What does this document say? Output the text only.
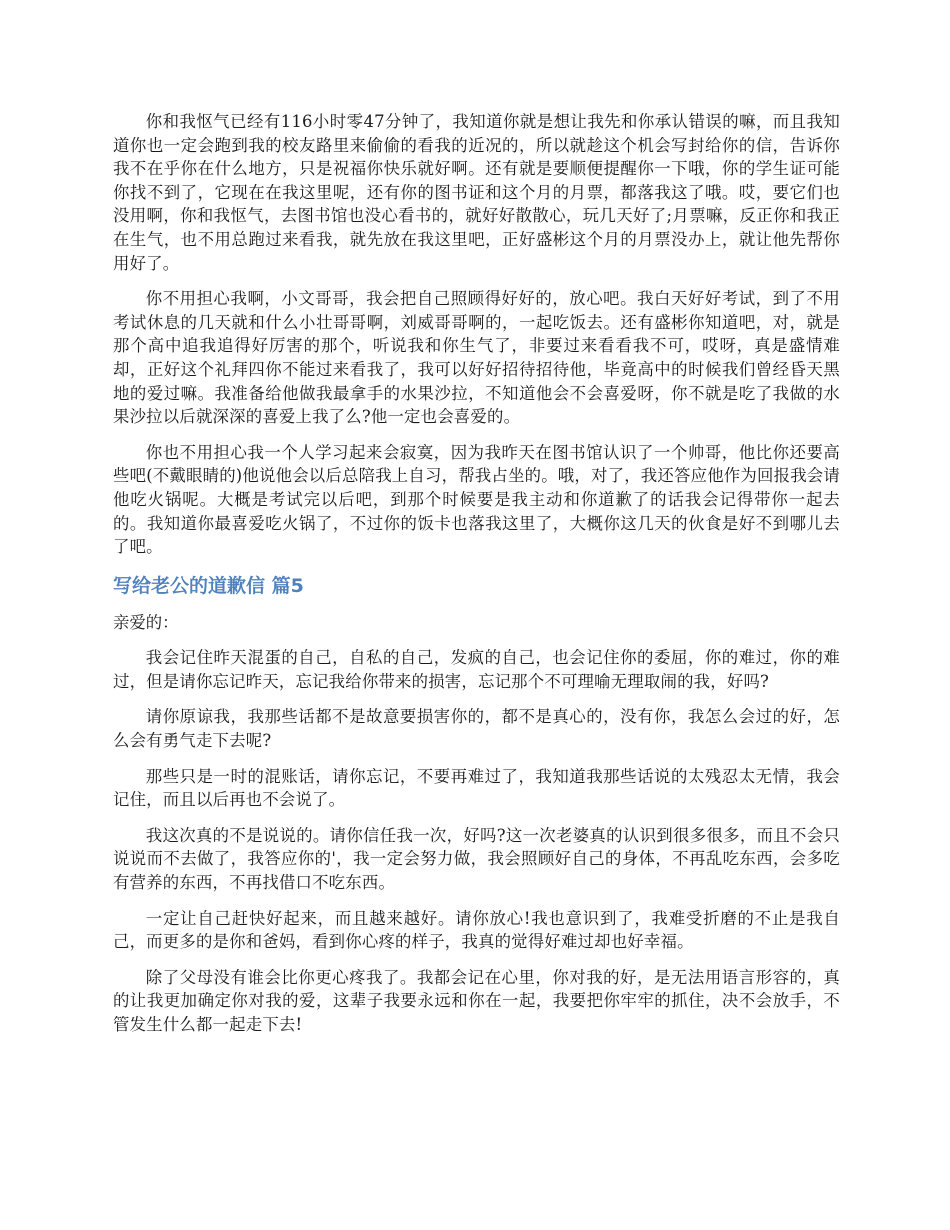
你和我怄气已经有116小时零47分钟了，我知道你就是想让我先和你承认错误的嘛，而且我知道你也一定会跑到我的校友路里来偷偷的看我的近况的，所以就趁这个机会写封给你的信，告诉你我不在乎你在什么地方，只是祝福你快乐就好啊。还有就是要顺便提醒你一下哦，你的学生证可能你找不到了，它现在在我这里呢，还有你的图书证和这个月的月票，都落我这了哦。哎，要它们也没用啊，你和我怄气，去图书馆也没心看书的，就好好散散心，玩几天好了;月票嘛，反正你和我正在生气，也不用总跑过来看我，就先放在我这里吧，正好盛彬这个月的月票没办上，就让他先帮你用好了。

你不用担心我啊，小文哥哥，我会把自己照顾得好好的，放心吧。我白天好好考试，到了不用考试休息的几天就和什么小壮哥哥啊，刘威哥哥啊的，一起吃饭去。还有盛彬你知道吧，对，就是那个高中追我追得好厉害的那个，听说我和你生气了，非要过来看看我不可，哎呀，真是盛情难却，正好这个礼拜四你不能过来看我了，我可以好好招待招待他，毕竟高中的时候我们曾经昏天黑地的爱过嘛。我准备给他做我最拿手的水果沙拉，不知道他会不会喜爱呀，你不就是吃了我做的水果沙拉以后就深深的喜爱上我了么?他一定也会喜爱的。

你也不用担心我一个人学习起来会寂寞，因为我昨天在图书馆认识了一个帅哥，他比你还要高些吧(不戴眼睛的)他说他会以后总陪我上自习，帮我占坐的。哦，对了，我还答应他作为回报我会请他吃火锅呢。大概是考试完以后吧，到那个时候要是我主动和你道歉了的话我会记得带你一起去的。我知道你最喜爱吃火锅了，不过你的饭卡也落我这里了，大概你这几天的伙食是好不到哪儿去了吧。

写给老公的道歉信 篇5

亲爱的：

我会记住昨天混蛋的自己，自私的自己，发疯的自己，也会记住你的委屈，你的难过，你的难过，但是请你忘记昨天，忘记我给你带来的损害，忘记那个不可理喻无理取闹的我，好吗?

请你原谅我，我那些话都不是故意要损害你的，都不是真心的，没有你，我怎么会过的好，怎么会有勇气走下去呢?

那些只是一时的混账话，请你忘记，不要再难过了，我知道我那些话说的太残忍太无情，我会记住，而且以后再也不会说了。

我这次真的不是说说的。请你信任我一次，好吗?这一次老婆真的认识到很多很多，而且不会只说说而不去做了，我答应你的'，我一定会努力做，我会照顾好自己的身体，不再乱吃东西，会多吃有营养的东西，不再找借口不吃东西。

一定让自己赶快好起来，而且越来越好。请你放心!我也意识到了，我难受折磨的不止是我自己，而更多的是你和爸妈，看到你心疼的样子，我真的觉得好难过却也好幸福。

除了父母没有谁会比你更心疼我了。我都会记在心里，你对我的好，是无法用语言形容的，真的让我更加确定你对我的爱，这辈子我要永远和你在一起，我要把你牢牢的抓住，决不会放手，不管发生什么都一起走下去!
